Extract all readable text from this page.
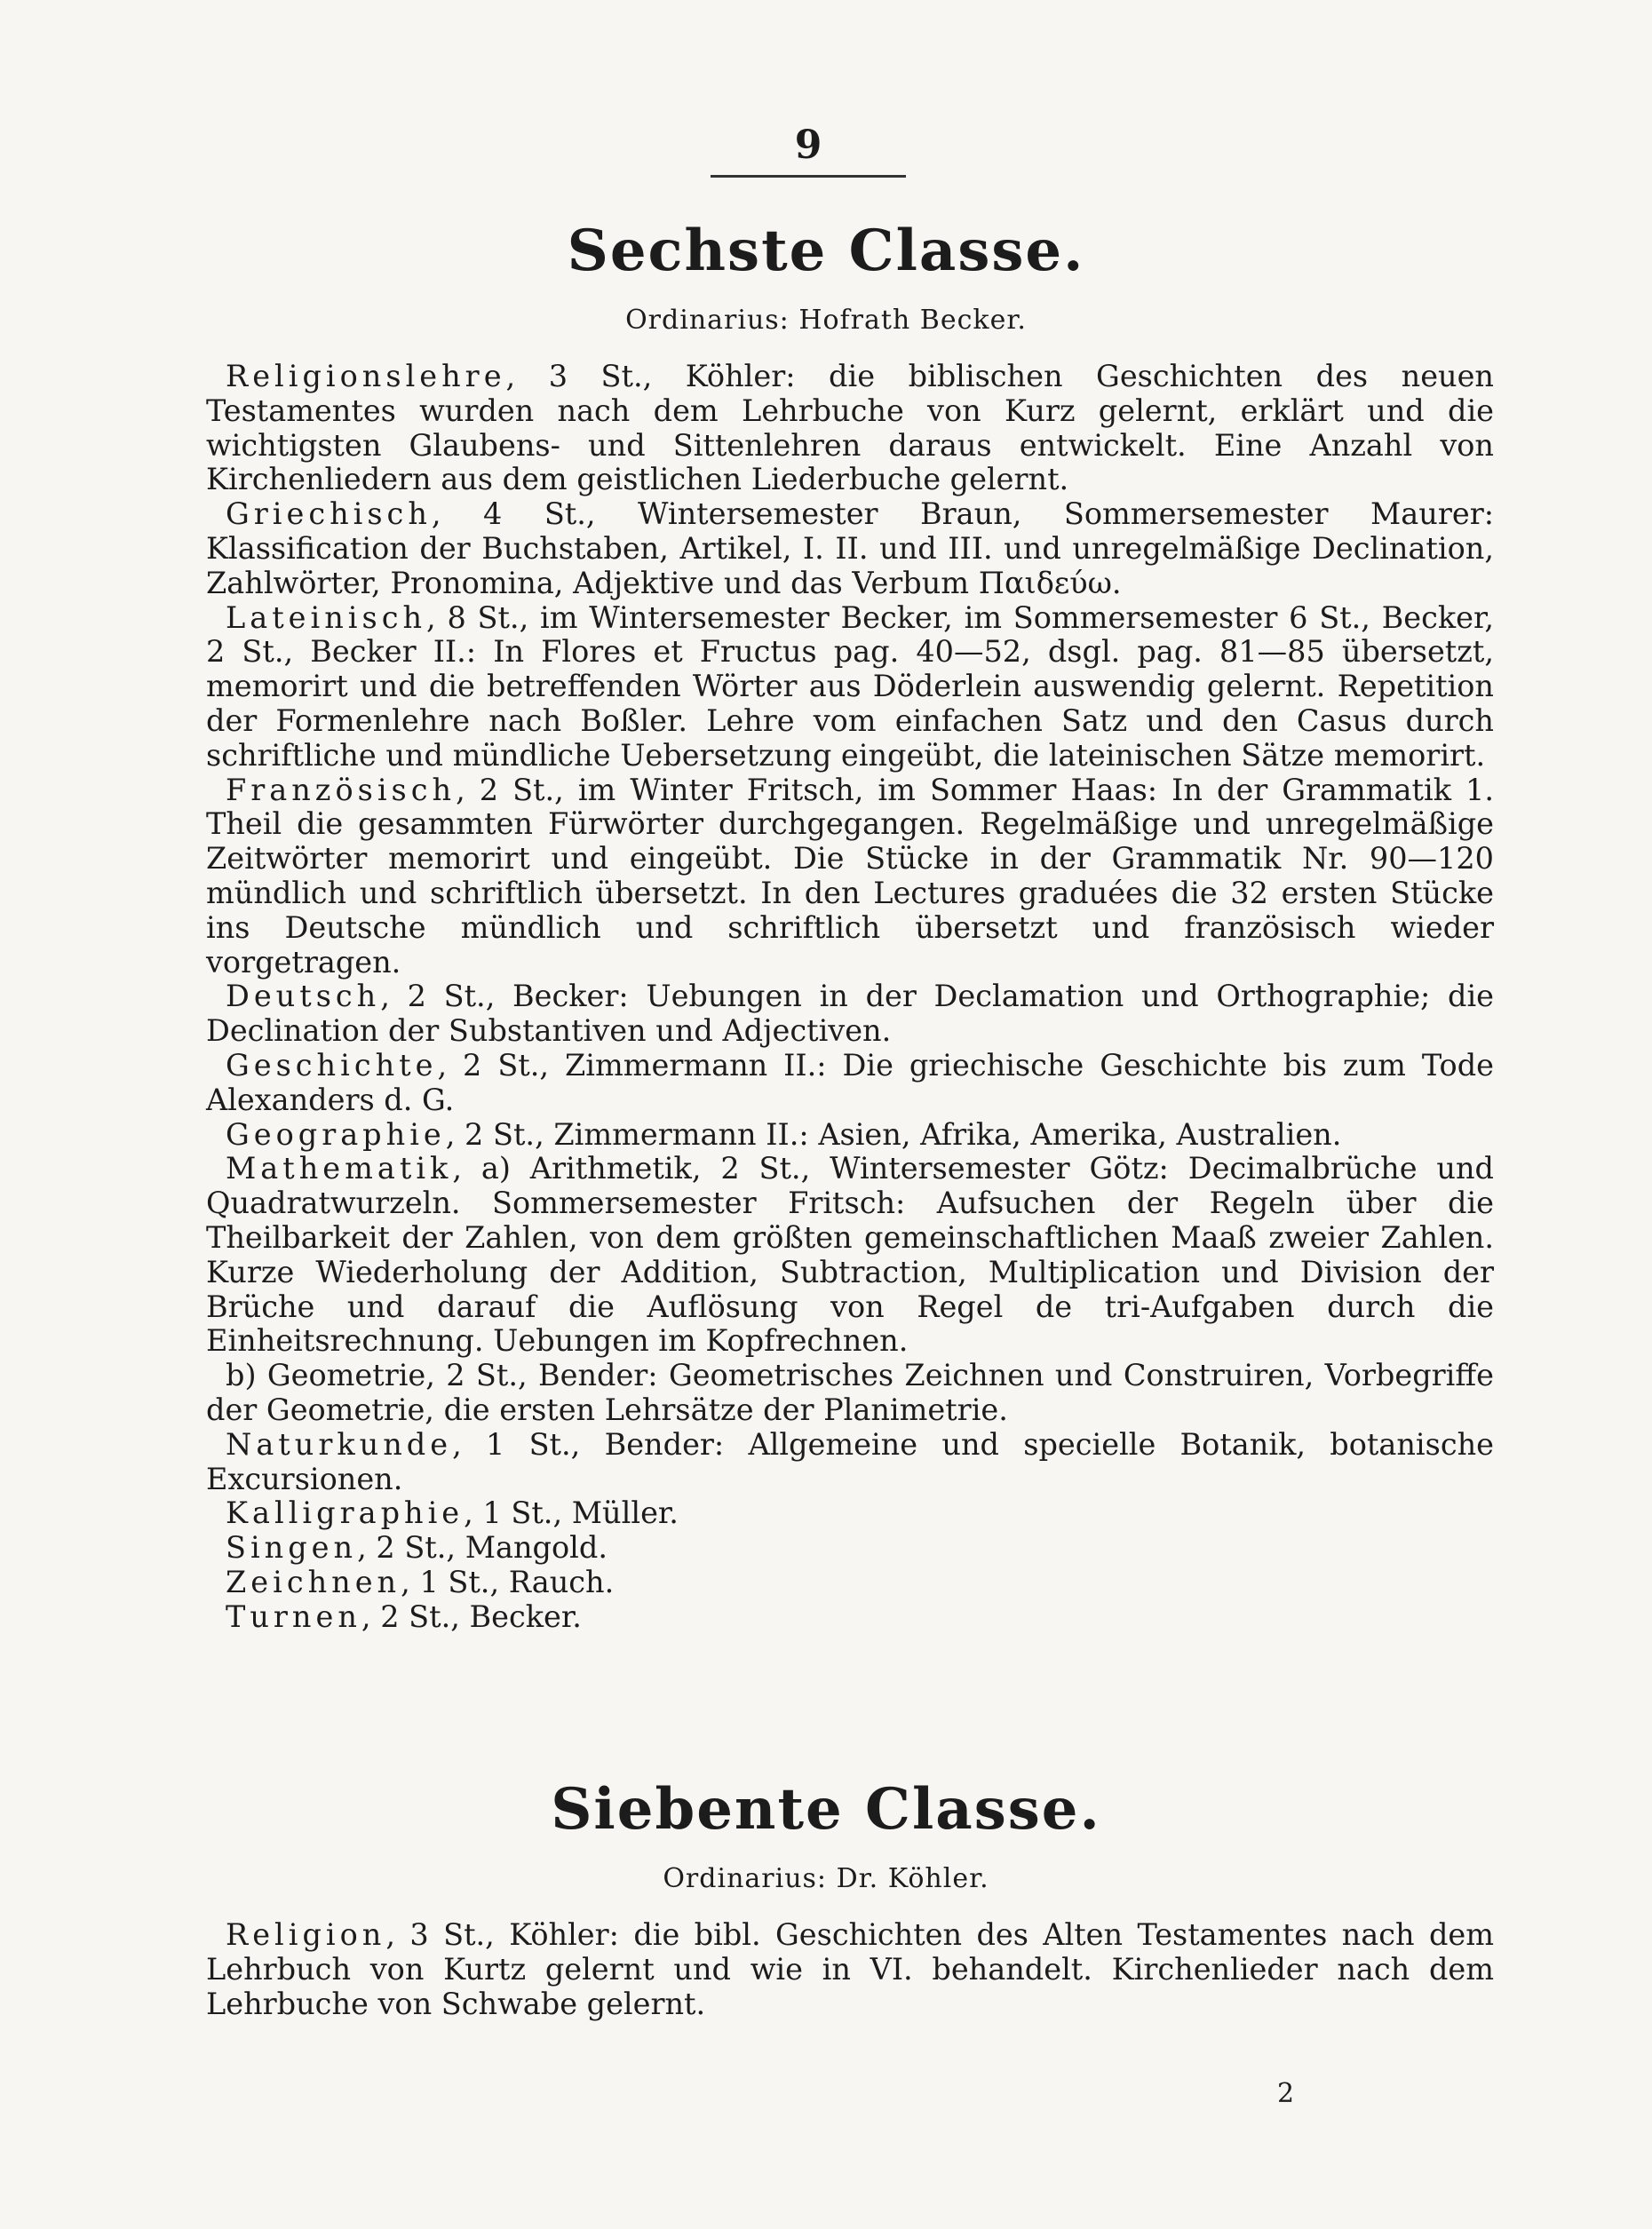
9
Sechste Classe.
Ordinarius: Hofrath Becker.

Religionslehre, 3 St., Köhler: die biblischen Geschichten des neuen Testamentes wurden nach dem Lehrbuche von Kurz gelernt, erklärt und die wichtigsten Glaubens- und Sittenlehren daraus entwickelt. Eine Anzahl von Kirchenliedern aus dem geistlichen Liederbuche gelernt.

Griechisch, 4 St., Wintersemester Braun, Sommersemester Maurer: Klassification der Buchstaben, Artikel, I. II. und III. und unregelmäßige Declination, Zahlwörter, Pronomina, Adjektive und das Verbum Παιδεύω.

Lateinisch, 8 St., im Wintersemester Becker, im Sommersemester 6 St., Becker, 2 St., Becker II.: In Flores et Fructus pag. 40—52, dsgl. pag. 81—85 übersetzt, memorirt und die betreffenden Wörter aus Döderlein auswendig gelernt. Repetition der Formenlehre nach Boßler. Lehre vom einfachen Satz und den Casus durch schriftliche und mündliche Uebersetzung eingeübt, die lateinischen Sätze memorirt.

Französisch, 2 St., im Winter Fritsch, im Sommer Haas: In der Grammatik 1. Theil die gesammten Fürwörter durchgegangen. Regelmäßige und unregelmäßige Zeitwörter memorirt und eingeübt. Die Stücke in der Grammatik Nr. 90—120 mündlich und schriftlich übersetzt. In den Lectures graduées die 32 ersten Stücke ins Deutsche mündlich und schriftlich übersetzt und französisch wieder vorgetragen.

Deutsch, 2 St., Becker: Uebungen in der Declamation und Orthographie; die Declination der Substantiven und Adjectiven.

Geschichte, 2 St., Zimmermann II.: Die griechische Geschichte bis zum Tode Alexanders d. G.

Geographie, 2 St., Zimmermann II.: Asien, Afrika, Amerika, Australien.

Mathematik, a) Arithmetik, 2 St., Wintersemester Götz: Decimalbrüche und Quadratwurzeln. Sommersemester Fritsch: Aufsuchen der Regeln über die Theilbarkeit der Zahlen, von dem größten gemeinschaftlichen Maaß zweier Zahlen. Kurze Wiederholung der Addition, Subtraction, Multiplication und Division der Brüche und darauf die Auflösung von Regel de tri-Aufgaben durch die Einheitsrechnung. Uebungen im Kopfrechnen.

b) Geometrie, 2 St., Bender: Geometrisches Zeichnen und Construiren, Vorbegriffe der Geometrie, die ersten Lehrsätze der Planimetrie.

Naturkunde, 1 St., Bender: Allgemeine und specielle Botanik, botanische Excursionen.

Kalligraphie, 1 St., Müller.

Singen, 2 St., Mangold.

Zeichnen, 1 St., Rauch.

Turnen, 2 St., Becker.

Siebente Classe.
Ordinarius: Dr. Köhler.

Religion, 3 St., Köhler: die bibl. Geschichten des Alten Testamentes nach dem Lehrbuch von Kurtz gelernt und wie in VI. behandelt. Kirchenlieder nach dem Lehrbuche von Schwabe gelernt.

2
